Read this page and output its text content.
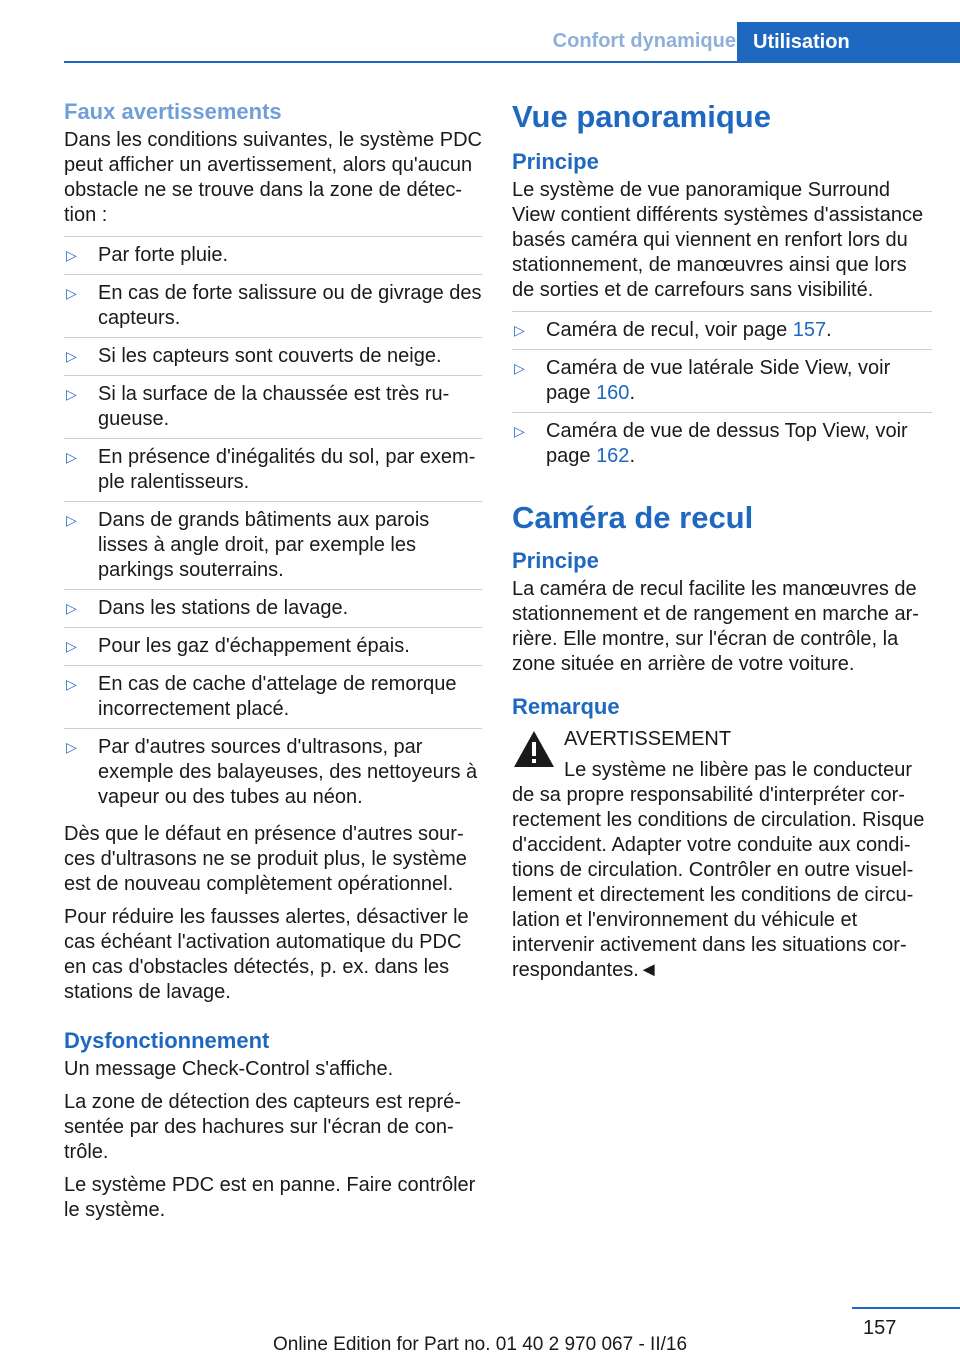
Confort dynamique Utilisation
Faux avertissements

Dans les conditions suivantes, le système PDC peut afficher un avertissement, alors qu'aucun obstacle ne se trouve dans la zone de détec‐ tion :

▷ Par forte pluie.
▷ En cas de forte salissure ou de givrage des capteurs.
▷ Si les capteurs sont couverts de neige.
▷ Si la surface de la chaussée est très ru‐ gueuse.
▷ En présence d'inégalités du sol, par exem‐ ple ralentisseurs.
▷ Dans de grands bâtiments aux parois lisses à angle droit, par exemple les parkings souterrains.
▷ Dans les stations de lavage.
▷ Pour les gaz d'échappement épais.
▷ En cas de cache d'attelage de remorque incorrectement placé.
▷ Par d'autres sources d'ultrasons, par exemple des balayeuses, des nettoyeurs à vapeur ou des tubes au néon.

Dès que le défaut en présence d'autres sour‐ ces d'ultrasons ne se produit plus, le système est de nouveau complètement opérationnel.

Pour réduire les fausses alertes, désactiver le cas échéant l'activation automatique du PDC en cas d'obstacles détectés, p. ex. dans les stations de lavage.

Dysfonctionnement

Un message Check-Control s'affiche.

La zone de détection des capteurs est repré‐ sentée par des hachures sur l'écran de con‐ trôle.

Le système PDC est en panne. Faire contrôler le système.

Vue panoramique
Principe

Le système de vue panoramique Surround View contient différents systèmes d'assistance basés caméra qui viennent en renfort lors du stationnement, de manœuvres ainsi que lors de sorties et de carrefours sans visibilité.

▷ Caméra de recul, voir page 157.
▷ Caméra de vue latérale Side View, voir page 160.
▷ Caméra de vue de dessus Top View, voir page 162.
Caméra de recul
Principe

La caméra de recul facilite les manœuvres de stationnement et de rangement en marche ar‐ rière. Elle montre, sur l'écran de contrôle, la zone située en arrière de votre voiture.

Remarque
AVERTISSEMENT

Le système ne libère pas le conducteur de sa propre responsabilité d'interpréter cor‐ rectement les conditions de circulation. Risque d'accident. Adapter votre conduite aux condi‐ tions de circulation. Contrôler en outre visuel‐ lement et directement les conditions de circu‐ lation et l'environnement du véhicule et intervenir activement dans les situations cor‐ respondantes.◄

157
Online Edition for Part no. 01 40 2 970 067 - II/16
